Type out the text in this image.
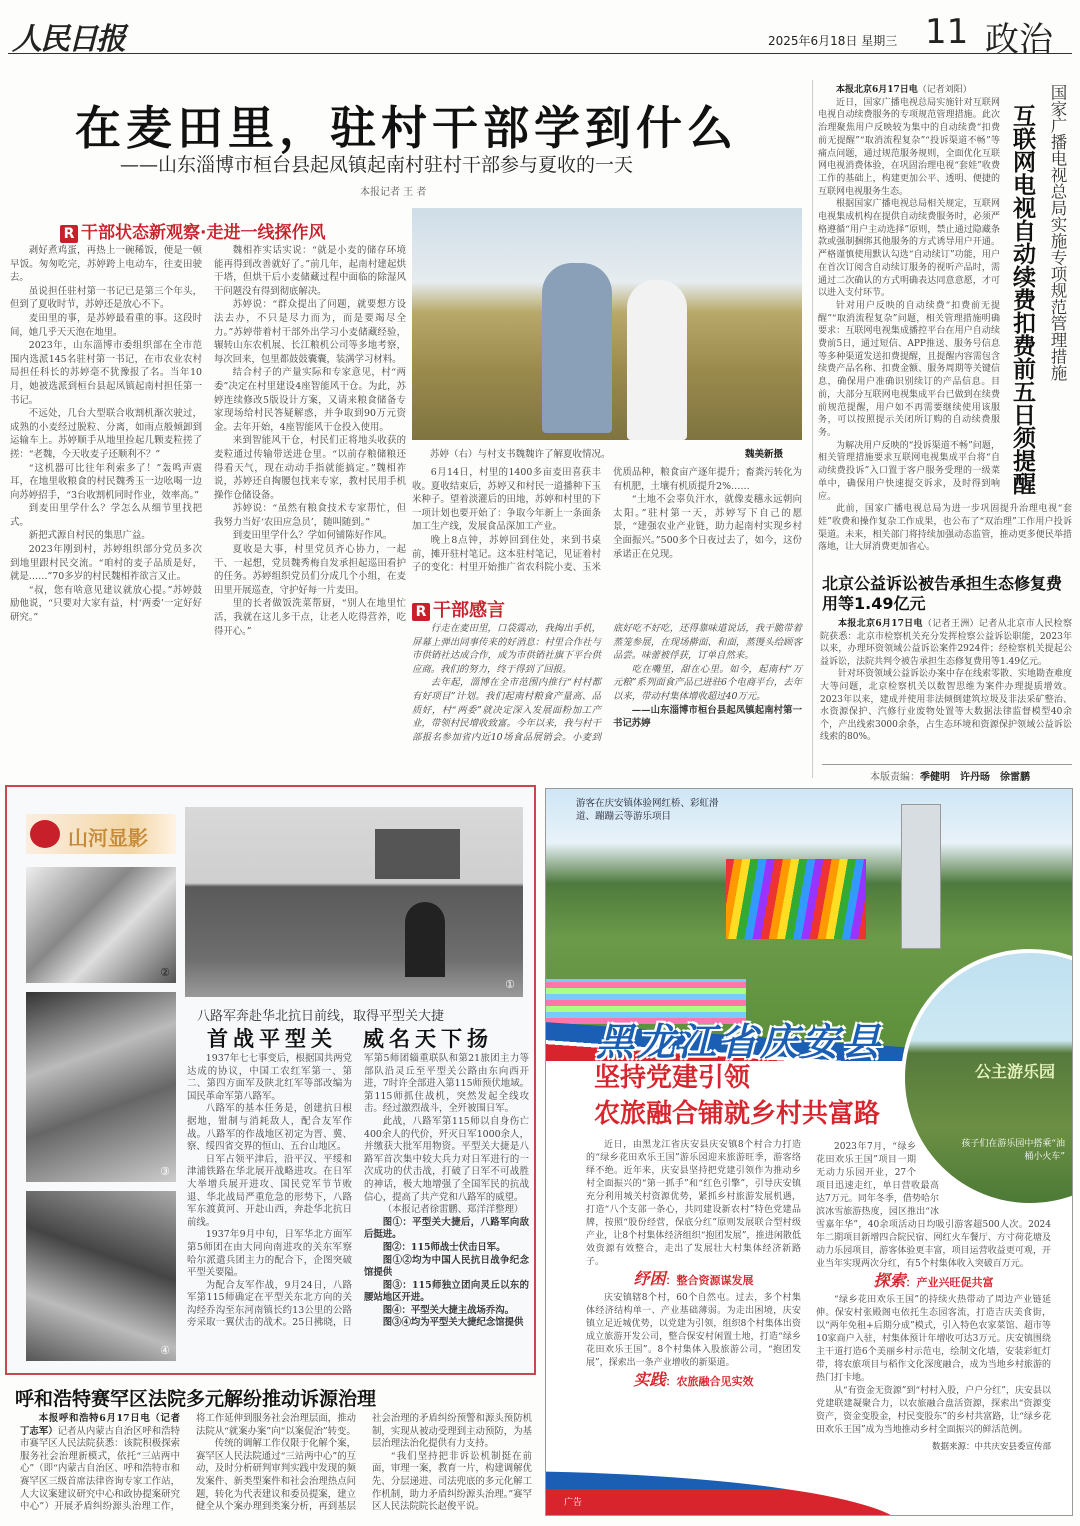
人民日报	2025年6月18日 星期三 11 政治
在麦田里，驻村干部学到什么
——山东淄博市桓台县起凤镇起南村驻村干部参与夏收的一天
本报记者 王 者
R 干部状态新观察·走进一线探作风

剥好煮鸡蛋，再热上一碗稀饭，便是一顿早饭。匆匆吃完，苏婷跨上电动车，往麦田驶去。

虽说担任驻村第一书记已是第三个年头，但到了夏收时节，苏婷还是放心不下。

麦田里的事，是苏婷最看重的事。这段时间，她几乎天天泡在地里。

2023年，山东淄博市委组织部在全市范围内选派145名驻村第一书记，在市农业农村局担任科长的苏婷毫不犹豫报了名。当年10月，她被选派到桓台县起凤镇起南村担任第一书记。

不远处，几台大型联合收割机渐次驶过，成熟的小麦经过脱粒、分离，如雨点般倾卸到运输车上。苏婷顺手从地里捡起几颗麦粒搓了搓：“老魏，今天收麦子还顺利不？”

“这机器可比往年利索多了！”轰鸣声震耳，在地里收粮食的村民魏秀玉一边吆喝一边向苏婷招手，“3台收割机同时作业，效率高。”

到麦田里学什么？学怎么从细节里找把式。

新把式源自村民的集思广益。

2023年刚到村，苏婷组织部分党员多次到地里跟村民交流。“咱村的麦子品质是好，就是……”70多岁的村民魏相祚欲言又止。

“叔，您有啥意见建议就放心提。”苏婷鼓励他说，“只要对大家有益，村‘两委’一定好好研究。”

魏相祚实话实说：“就是小麦的储存环境能再得到改善就好了。”前几年，起南村建起烘干塔，但烘干后小麦储藏过程中面临的除湿风干问题没有得到彻底解决。

苏婷说：“群众提出了问题，就要想方设法去办，不只是尽力而为，而是要竭尽全力。”苏婷带着村干部外出学习小麦储藏经验，辗转山东农机展、长江粮机公司等多地考察，每次回来，包里都鼓鼓囊囊，装满学习材料。

结合村子的产量实际和专家意见，村“两委”决定在村里建设4座智能风干仓。为此，苏婷连续修改5版设计方案，又请来粮食储备专家现场给村民答疑解惑，并争取到90万元资金。去年开始，4座智能风干仓投入使用。

来到智能风干仓，村民们正将地头收获的麦粒通过传输带送进仓里。“以前存粮储粮还得看天气，现在动动手指就能搞定。”魏相祚说，苏婷还自掏腰包找来专家，教村民用手机操作仓储设备。

苏婷说：“虽然有粮食技术专家帮忙，但我努力当好‘农田应急员’，随叫随到。”

到麦田里学什么？学如何铺陈好作风。

夏收是大事，村里党员齐心协力，一起干、一起想，党员魏秀梅自发承担起巡田看护的任务。苏婷组织党员们分成几个小组，在麦田里开展巡查，守护好每一片麦田。

里的长者做饭洗菜帮厨，“别人在地里忙活，我就在这儿多干点，让老人吃得营养，吃得开心。”

苏婷（右）与村支书魏魏许了解夏收情况。	魏美新摄

6月14日，村里的1400多亩麦田喜获丰收。夏收结束后，苏婷又和村民一道播种下玉米种子。望着淡灌后的田地，苏婷和村里的下一项计划也要开始了：争取今年新上一条面条加工生产线，发展食品深加工产业。

晚上8点钟，苏婷回到住处，来到书桌前，摊开驻村笔记。这本驻村笔记，见证着村子的变化：村里开始推广省农科院小麦、玉米优质品种，粮食亩产逐年提升；畜粪污转化为有机肥，土壤有机质提升2%……

“土地不会辜负汗水，就像麦穗永远朝向太阳。”驻村第一天，苏婷写下自己的愿景，“建强农业产业链，助力起南村实现乡村全面振兴。”500多个日夜过去了，如今，这份承诺正在兑现。

R 干部感言

行走在麦田里，口袋震动，我掏出手机，屏幕上弹出同事传来的好消息：村里合作社与市供销社达成合作，成为市供销社旗下平台供应商。我们的努力，终于得到了回报。

去年起，淄博在全市范围内推行“村村都有好项目”计划。我们起南村粮食产量高、品质好，村“两委”就决定深入发展面粉加工产业，带领村民增收致富。今年以来，我与村干部报名参加省内近10场食品展销会。小麦到底好吃不好吃，还得靠味道说话，我干脆带着蒸笼参展，在现场擀面、和面，蒸馒头给顾客品尝。味蕾被俘获，订单自然来。

吃在嘴里，甜在心里。如今，起南村“万元粮”系列面食产品已进驻6个电商平台，去年以来，带动村集体增收超过40万元。

——山东淄博市桓台县起凤镇起南村第一书记苏婷

本报北京6月17日电（记者刘阳）

近日，国家广播电视总局实施针对互联网电视自动续费服务的专项规范管理措施。此次治理聚焦用户反映较为集中的自动续费“扣费前无提醒”“取消流程复杂”“投诉渠道不畅”等痛点问题，通过规范服务规则，全面优化互联网电视消费体验，在巩固治理电视“套娃”收费工作的基础上，构建更加公平、透明、便捷的互联网电视服务生态。

根据国家广播电视总局相关规定，互联网电视集成机构在提供自动续费服务时，必须严格遵循“用户主动选择”原则，禁止通过隐藏条款或强制捆绑其他服务的方式诱导用户开通。严格谨慎使用默认勾选“自动续订”功能，用户在首次订阅含自动续订服务的视听产品时，需通过二次确认的方式明确表达同意意愿，才可以进入支付环节。

针对用户反映的自动续费“扣费前无提醒”“取消流程复杂”问题，相关管理措施明确要求：互联网电视集成播控平台在用户自动续费前5日，通过短信、APP推送、服务号信息等多种渠道发送扣费提醒，且提醒内容需包含续费产品名称、扣费金额、服务周期等关键信息，确保用户准确识别续订的产品信息。目前，大部分互联网电视集成平台已做到在续费前规范提醒，用户如不再需要继续使用该服务，可以按照提示关闭所订购的自动续费服务。

为解决用户反映的“投诉渠道不畅”问题，相关管理措施要求互联网电视集成平台将“自动续费投诉”入口置于客户服务受理的一级菜单中，确保用户快速提交诉求，及时得到响应。

此前，国家广播电视总局为进一步巩固提升治理电视“套娃”收费和操作复杂工作成果，也公布了“双治理”工作用户投诉渠道。未来，相关部门将持续加强动态监管，推动更多便民举措落地，让大屏消费更加省心。

互联网电视自动续费扣费前五日须提醒 国家广播电视总局实施专项规范管理措施
北京公益诉讼被告承担生态修复费用等1.49亿元

本报北京6月17日电（记者王洲）记者从北京市人民检察院获悉：北京市检察机关充分发挥检察公益诉讼职能，2023年以来，办理环资领域公益诉讼案件2924件；经检察机关提起公益诉讼，法院共判令被告承担生态修复费用等1.49亿元。

针对环资领域公益诉讼办案中存在线索零散、实地勘查难度大等问题，北京检察机关以数智思维为案件办理提质增效。2023年以来，建成并使用非法倾倒建筑垃圾及非法采矿整治、水资源保护、汽修行业废物处置等大数据法律监督模型40余个，产出线索3000余条，占生态环境和资源保护领域公益诉讼线索的80%。

本版责编：季健明　许丹旸　徐雷鹏
山河显影
②
③
④
①
八路军奔赴华北抗日前线，取得平型关大捷
首战平型关　威名天下扬

1937年七七事变后，根据国共两党达成的协议，中国工农红军第一、第二、第四方面军及陕北红军等部改编为国民革命军第八路军。

八路军的基本任务是，创建抗日根据地，钳制与消耗敌人，配合友军作战。八路军的作战地区初定为晋、冀、察、绥四省交界的恒山、五台山地区。

日军占领平津后，沿平汉、平绥和津浦铁路在华北展开战略进攻。在日军大举增兵展开进攻、国民党军节节败退、华北战局严重危急的形势下，八路军东渡黄河、开赴山西，奔赴华北抗日前线。

1937年9月中旬，日军华北方面军第5师团在由大同向南进攻的关东军察哈尔派遣兵团主力的配合下，企图突破平型关要隘。

为配合友军作战，9月24日，八路军第115师确定在平型关东北方向的关沟经乔沟至东河南镇长约13公里的公路旁采取一翼伏击的战术。25日拂晓，日军第5师团辎重联队和第21旅团主力等部队沿灵丘至平型关公路由东向西开进，7时许全部进入第115师预伏地域。第115师抓住战机，突然发起全线攻击。经过激烈战斗，全歼被围日军。

此战，八路军第115师以自身伤亡400余人的代价，歼灭日军1000余人，并缴获大批军用物资。平型关大捷是八路军首次集中较大兵力对日军进行的一次成功的伏击战，打破了日军不可战胜的神话，极大地增强了全国军民的抗战信心，提高了共产党和八路军的威望。

（本报记者徐雷鹏、郑洋洋整理）

图①：平型关大捷后，八路军向敌后挺进。

图②：115师战士伏击日军。

图①②均为中国人民抗日战争纪念馆提供

图③：115师独立团向灵丘以东的腰站地区开进。

图④：平型关大捷主战场乔沟。

图③④均为平型关大捷纪念馆提供

呼和浩特赛罕区法院多元解纷推动诉源治理

本报呼和浩特6月17日电（记者丁志军）记者从内蒙古自治区呼和浩特市赛罕区人民法院获悉：该院积极探索服务社会治理新模式，依托“三站两中心”（即“内蒙古自治区、呼和浩特市和赛罕区三级首席法律咨询专家工作站，人大议案建议研究中心和政协提案研究中心”）开展矛盾纠纷源头治理工作，将工作延伸到服务社会治理层面，推动法院从“就案办案”向“以案促治”转变。

传统的调解工作仅限于化解个案，赛罕区人民法院通过“三站两中心”的互动，及时分析研判审判实践中发现的频发案件、新类型案件和社会治理热点问题，转化为代表建议和委员提案，建立健全从个案办理到类案分析，再到基层社会治理的矛盾纠纷预警和源头预防机制，实现从被动受理到主动预防，为基层治理法治化提供有力支持。

“我们坚持把非诉讼机制挺在前面，审理一案，教育一片，构建调解优先、分层递进、司法兜底的多元化解工作机制，助力矛盾纠纷源头治理。”赛罕区人民法院院长赵俊平说。

游客在庆安镇体验网红桥、彩虹滑道、蹦蹦云等游乐项目
公主游乐园
孩子们在游乐园中搭乘“油桶小火车”
黑龙江省庆安县
坚持党建引领
农旅融合铺就乡村共富路

近日，由黑龙江省庆安县庆安镇8个村合力打造的“绿乡花田欢乐王国”游乐园迎来旅游旺季，游客络绎不绝。近年来，庆安县坚持把党建引领作为推动乡村全面振兴的“第一抓手”和“红色引擎”，引导庆安镇充分利用城关村资源优势，紧抓乡村旅游发展机遇，打造“八个支部一条心，共同建设新农村”特色党建品牌，按照“股份经营，保底分红”原则发展联合型村级产业，让8个村集体经济组织“抱团发展”，推进闲散低效资源有效整合，走出了发展壮大村集体经济新路子。

纾困：整合资源谋发展

庆安镇辖8个村，60个自然屯。过去，多个村集体经济结构单一、产业基础薄弱。为走出困境，庆安镇立足近城优势，以党建为引领，组织8个村集体出资成立旅游开发公司，整合保安村闲置土地，打造“绿乡花田欢乐王国”。8个村集体入股旅游公司，“抱团发展”，探索出一条产业增收的新渠道。

实践：农旅融合见实效

2023年7月，“绿乡花田欢乐王国”项目一期无动力乐园开业，27个项目迅速走红，单日营收最高达7万元。同年冬季，借势哈尔滨冰雪旅游热度，园区推出“冰雪嘉年华”，40余项活动日均吸引游客超500人次。2024年二期项目新增四合院民宿、网红火车餐厅、方寸荷花塘及动力乐园项目，游客体验更丰富，项目运营收益更可观，开业当年实现两次分红，有5个村集体收入突破百万元。

探索：产业兴旺促共富

“绿乡花田欢乐王国”的持续火热带动了周边产业链延伸。保安村张殿阁屯依托生态园客流，打造吉庆美食街，以“两年免租+后期分成”模式，引入特色农家菜馆、超市等10家商户入驻，村集体预计年增收可达3万元。庆安镇围绕主干道打造6个美丽乡村示范屯，绘制文化墙，安装彩虹灯带，将农旅项目与稻作文化深度融合，成为当地乡村旅游的热门打卡地。

从“有资金无资源”到“村村入股，户户分红”，庆安县以党建联建凝聚合力，以农旅融合盘活资源，探索出“资源变资产，资金变股金，村民变股东”的乡村共富路，让“绿乡花田欢乐王国”成为当地推动乡村全面振兴的鲜活范例。

数据来源：中共庆安县委宣传部
广告
